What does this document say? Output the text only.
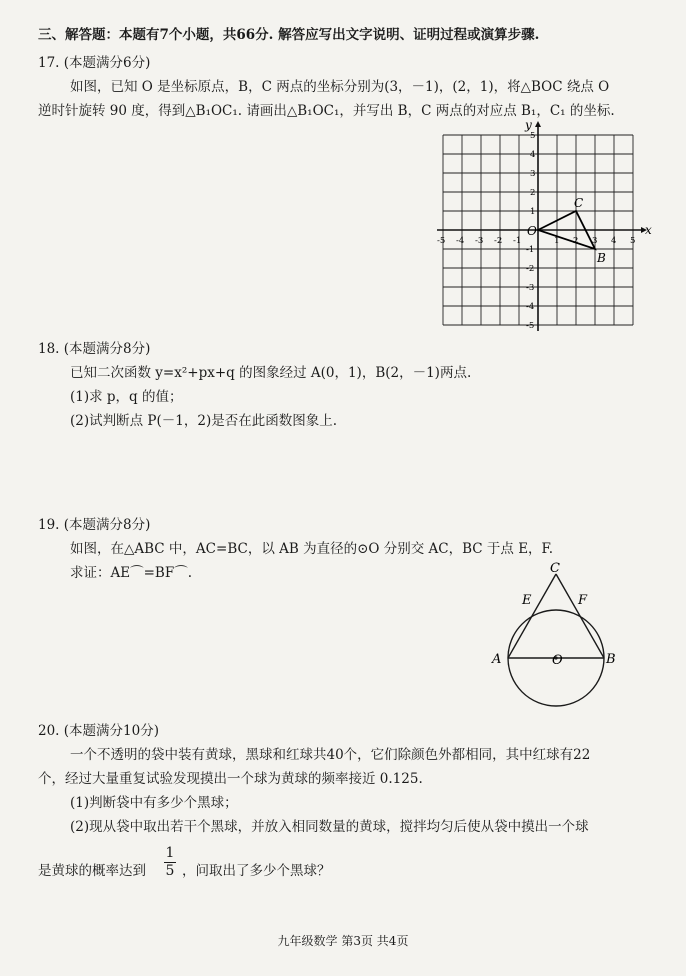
三、解答题：本题有7个小题，共66分. 解答应写出文字说明、证明过程或演算步骤.
17. (本题满分6分)
如图，已知 O 是坐标原点，B，C 两点的坐标分别为(3，－1)，(2，1)，将△BOC 绕点 O
逆时针旋转 90 度，得到△B₁OC₁. 请画出△B₁OC₁，并写出 B，C 两点的对应点 B₁，C₁ 的坐标.
x
y
-5 -4 -3 -2 -1	1 2 3 4 5
5
4
3
2
1
-1
-2
-3
-4
-5
O
C
B
18. (本题满分8分)
已知二次函数 y=x²+px+q 的图象经过 A(0，1)，B(2，－1)两点.
(1)求 p，q 的值；
(2)试判断点 P(－1，2)是否在此函数图象上.
19. (本题满分8分)
如图，在△ABC 中，AC=BC，以 AB 为直径的⊙O 分别交 AC，BC 于点 E，F.
求证：AE⌒=BF⌒.	C
E	F
A	O	B
20. (本题满分10分)
一个不透明的袋中装有黄球，黑球和红球共40个，它们除颜色外都相同，其中红球有22
个，经过大量重复试验发现摸出一个球为黄球的频率接近 0.125.
(1)判断袋中有多少个黑球；
(2)现从袋中取出若干个黑球，并放入相同数量的黄球，搅拌均匀后使从袋中摸出一个球
是黄球的概率达到
1
5 ，问取出了多少个黑球？
九年级数学 第3页 共4页
